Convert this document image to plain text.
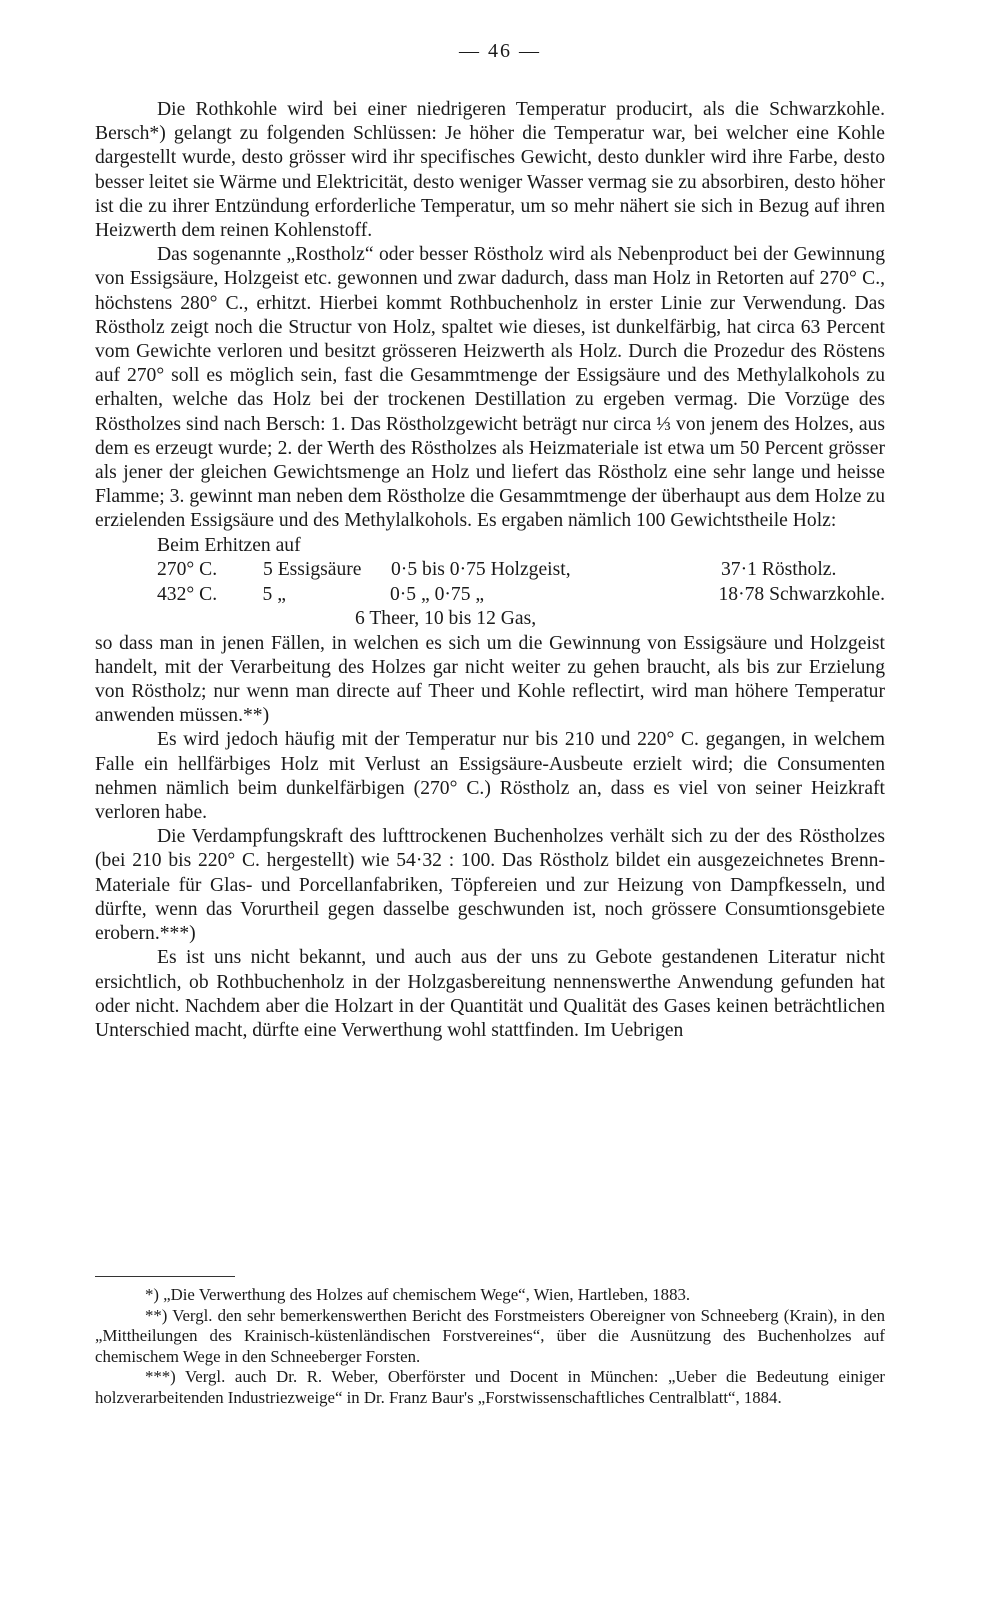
— 46 —

Die Rothkohle wird bei einer niedrigeren Temperatur producirt, als die Schwarzkohle. Bersch*) gelangt zu folgenden Schlüssen: Je höher die Temperatur war, bei welcher eine Kohle dargestellt wurde, desto grösser wird ihr specifisches Gewicht, desto dunkler wird ihre Farbe, desto besser leitet sie Wärme und Elektricität, desto weniger Wasser vermag sie zu absorbiren, desto höher ist die zu ihrer Entzündung erforderliche Temperatur, um so mehr nähert sie sich in Bezug auf ihren Heizwerth dem reinen Kohlenstoff.

Das sogenannte „Rostholz“ oder besser Röstholz wird als Nebenproduct bei der Gewinnung von Essigsäure, Holzgeist etc. gewonnen und zwar dadurch, dass man Holz in Retorten auf 270° C., höchstens 280° C., erhitzt. Hierbei kommt Rothbuchenholz in erster Linie zur Verwendung. Das Röstholz zeigt noch die Structur von Holz, spaltet wie dieses, ist dunkelfärbig, hat circa 63 Percent vom Gewichte verloren und besitzt grösseren Heizwerth als Holz. Durch die Prozedur des Röstens auf 270° soll es möglich sein, fast die Gesammtmenge der Essigsäure und des Methylalkohols zu erhalten, welche das Holz bei der trockenen Destillation zu ergeben vermag. Die Vorzüge des Röstholzes sind nach Bersch: 1. Das Röstholzgewicht beträgt nur circa ⅓ von jenem des Holzes, aus dem es erzeugt wurde; 2. der Werth des Röstholzes als Heizmateriale ist etwa um 50 Percent grösser als jener der gleichen Gewichtsmenge an Holz und liefert das Röstholz eine sehr lange und heisse Flamme; 3. gewinnt man neben dem Röstholze die Gesammtmenge der überhaupt aus dem Holze zu erzielenden Essigsäure und des Methylalkohols. Es ergaben nämlich 100 Gewichtstheile Holz:

Beim Erhitzen auf
270° C.	5 Essigsäure	0·5 bis 0·75 Holzgeist,	37·1 Röstholz.
432° C.	5 „	0·5 „ 0·75 „	18·78 Schwarzkohle.
6 Theer, 10 bis 12 Gas,

so dass man in jenen Fällen, in welchen es sich um die Gewinnung von Essigsäure und Holzgeist handelt, mit der Verarbeitung des Holzes gar nicht weiter zu gehen braucht, als bis zur Erzielung von Röstholz; nur wenn man directe auf Theer und Kohle reflectirt, wird man höhere Temperatur anwenden müssen.**)

Es wird jedoch häufig mit der Temperatur nur bis 210 und 220° C. gegangen, in welchem Falle ein hellfärbiges Holz mit Verlust an Essigsäure-Ausbeute erzielt wird; die Consumenten nehmen nämlich beim dunkelfärbigen (270° C.) Röstholz an, dass es viel von seiner Heizkraft verloren habe.

Die Verdampfungskraft des lufttrockenen Buchenholzes verhält sich zu der des Röstholzes (bei 210 bis 220° C. hergestellt) wie 54·32 : 100. Das Röstholz bildet ein ausgezeichnetes Brenn-Materiale für Glas- und Porcellanfabriken, Töpfereien und zur Heizung von Dampfkesseln, und dürfte, wenn das Vorurtheil gegen dasselbe geschwunden ist, noch grössere Consumtionsgebiete erobern.***)

Es ist uns nicht bekannt, und auch aus der uns zu Gebote gestandenen Literatur nicht ersichtlich, ob Rothbuchenholz in der Holzgasbereitung nennenswerthe Anwendung gefunden hat oder nicht. Nachdem aber die Holzart in der Quantität und Qualität des Gases keinen beträchtlichen Unterschied macht, dürfte eine Verwerthung wohl stattfinden. Im Uebrigen

*) „Die Verwerthung des Holzes auf chemischem Wege“, Wien, Hartleben, 1883.

**) Vergl. den sehr bemerkenswerthen Bericht des Forstmeisters Obereigner von Schneeberg (Krain), in den „Mittheilungen des Krainisch-küstenländischen Forstvereines“, über die Ausnützung des Buchenholzes auf chemischem Wege in den Schneeberger Forsten.

***) Vergl. auch Dr. R. Weber, Oberförster und Docent in München: „Ueber die Bedeutung einiger holzverarbeitenden Industriezweige“ in Dr. Franz Baur's „Forstwissenschaftliches Centralblatt“, 1884.
